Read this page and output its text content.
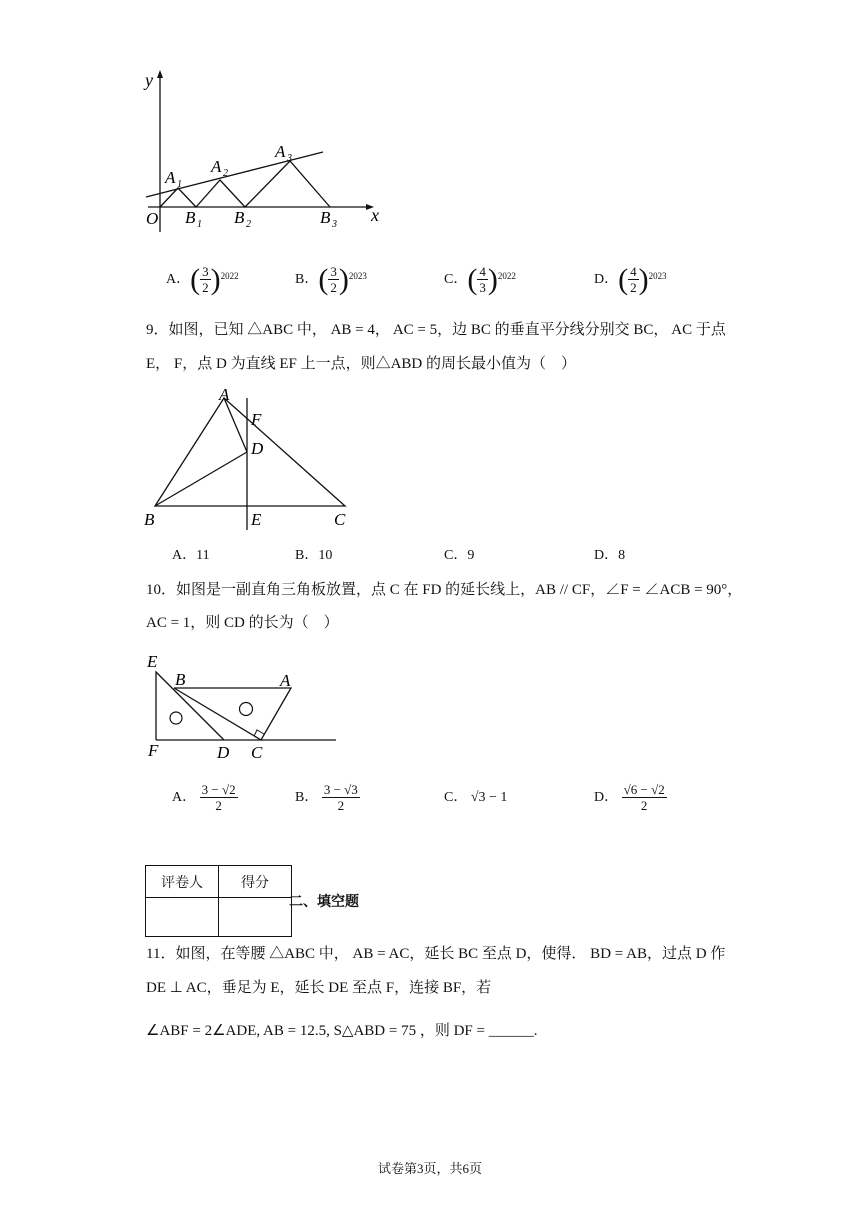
y
x
O
A 1
A 2
A 3
B 1 B 2	B 3
A．( $\frac{3}{2} )^{2022}$	B．( $\frac{3}{2} )^{2023}$	C．( $\frac{4}{3} )^{2022}$	D．( $\frac{4}{2} )^{2023}$
9．如图，已知 △ABC 中， AB = 4， AC = 5，边 BC 的垂直平分线分别交 BC， AC 于点
E， F，点 D 为直线 EF 上一点，则△ABD 的周长最小值为（　）
A
F
D
B	E	C
A．11	B．10	C．9	D．8
10．如图是一副直角三角板放置，点 C 在 FD 的延长线上，AB // CF，∠F = ∠ACB = 90°，
AC = 1，则 CD 的长为（　）
E
B	A
F	D C
A． $\frac{3 - √2}{2}$	B． $\frac{3 - √3}{2}$	C． √3 − 1	D． $\frac{√6 - √2}{2}$
评卷人	得分

二、填空题
11．如图，在等腰 △ABC 中， AB = AC，延长 BC 至点 D，使得． BD = AB，过点 D 作
DE ⊥ AC，垂足为 E，延长 DE 至点 F，连接 BF，若
∠ABF = 2∠ADE, AB = 12.5, S△ABD = 75 ，则 DF = ______.
试卷第3页，共6页
